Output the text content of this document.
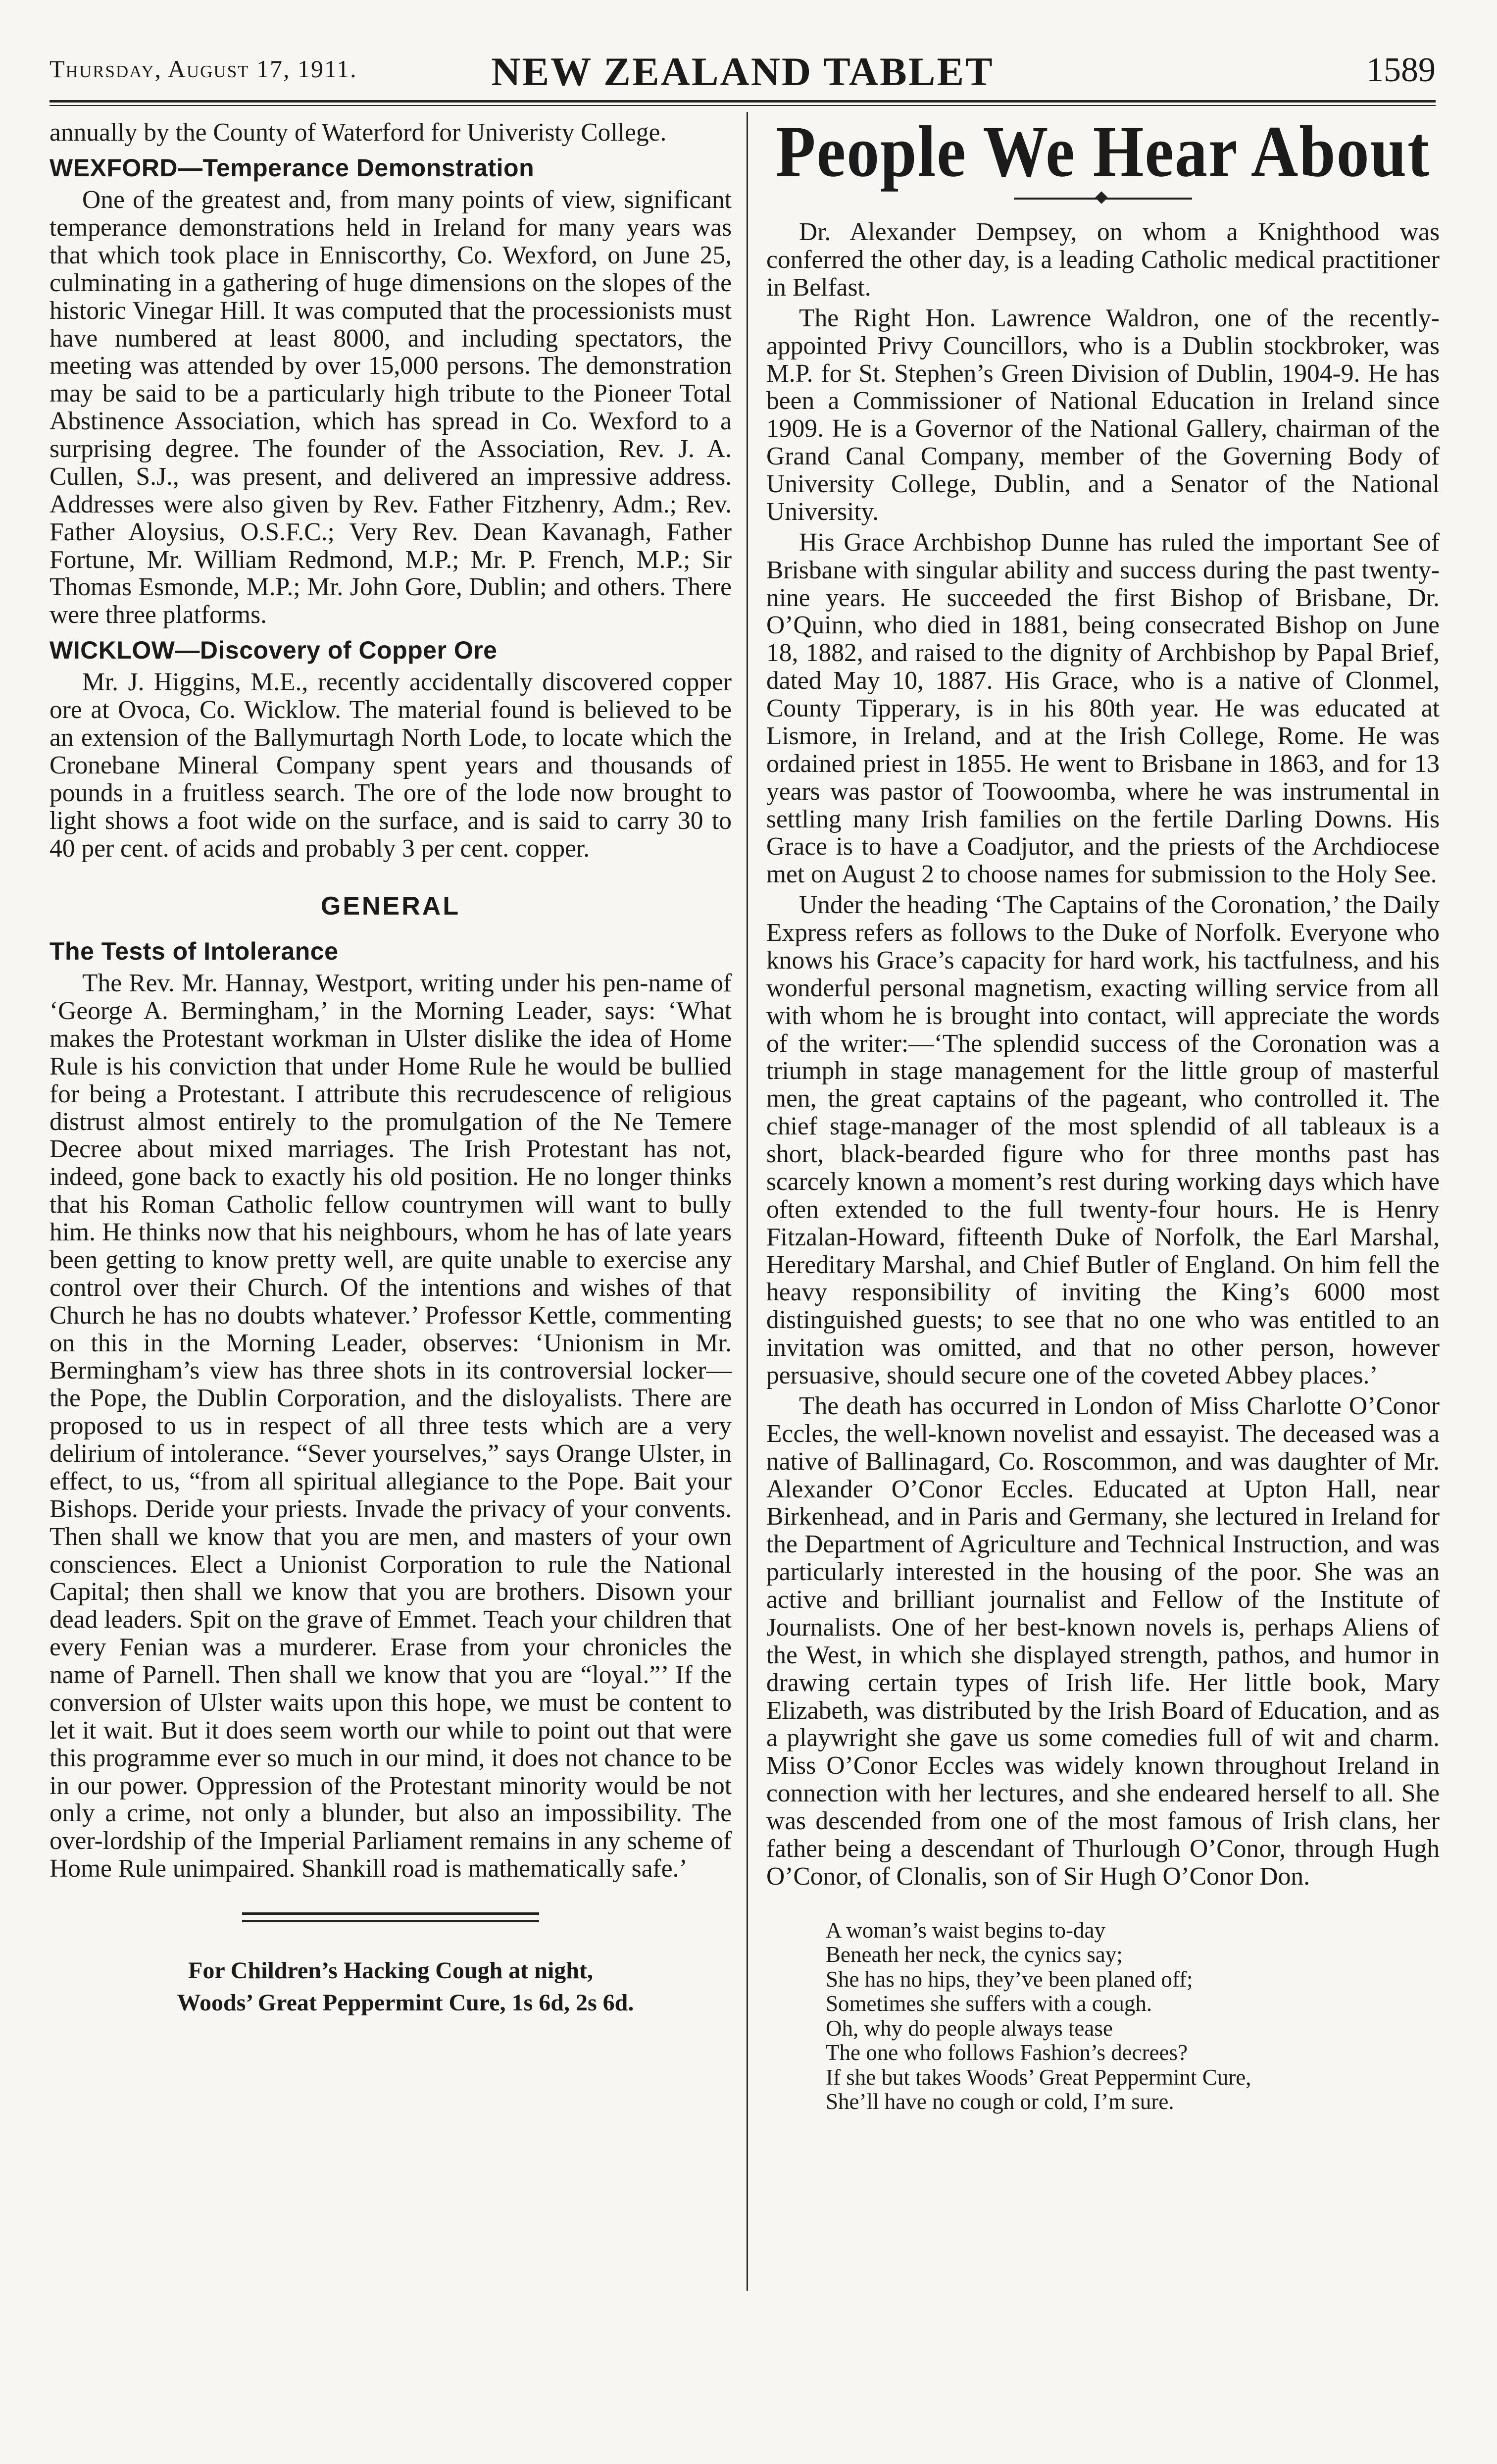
Thursday, August 17, 1911.	NEW ZEALAND TABLET	1589

annually by the County of Waterford for Univeristy College.

WEXFORD—Temperance Demonstration

One of the greatest and, from many points of view, significant temperance demonstrations held in Ireland for many years was that which took place in Enniscorthy, Co. Wexford, on June 25, culminating in a gathering of huge dimensions on the slopes of the historic Vinegar Hill. It was computed that the processionists must have numbered at least 8000, and including spectators, the meeting was attended by over 15,000 persons. The demonstration may be said to be a particularly high tribute to the Pioneer Total Abstinence Association, which has spread in Co. Wexford to a surprising degree. The founder of the Association, Rev. J. A. Cullen, S.J., was present, and delivered an impressive address. Addresses were also given by Rev. Father Fitzhenry, Adm.; Rev. Father Aloysius, O.S.F.C.; Very Rev. Dean Kavanagh, Father Fortune, Mr. William Redmond, M.P.; Mr. P. French, M.P.; Sir Thomas Esmonde, M.P.; Mr. John Gore, Dublin; and others. There were three platforms.

WICKLOW—Discovery of Copper Ore

Mr. J. Higgins, M.E., recently accidentally discovered copper ore at Ovoca, Co. Wicklow. The material found is believed to be an extension of the Ballymurtagh North Lode, to locate which the Cronebane Mineral Company spent years and thousands of pounds in a fruitless search. The ore of the lode now brought to light shows a foot wide on the surface, and is said to carry 30 to 40 per cent. of acids and probably 3 per cent. copper.

GENERAL
The Tests of Intolerance

The Rev. Mr. Hannay, Westport, writing under his pen-name of ‘George A. Bermingham,’ in the Morning Leader, says: ‘What makes the Protestant workman in Ulster dislike the idea of Home Rule is his conviction that under Home Rule he would be bullied for being a Protestant. I attribute this recrudescence of religious distrust almost entirely to the promulgation of the Ne Temere Decree about mixed marriages. The Irish Protestant has not, indeed, gone back to exactly his old position. He no longer thinks that his Roman Catholic fellow countrymen will want to bully him. He thinks now that his neighbours, whom he has of late years been getting to know pretty well, are quite unable to exercise any control over their Church. Of the intentions and wishes of that Church he has no doubts whatever.’ Professor Kettle, commenting on this in the Morning Leader, observes: ‘Unionism in Mr. Bermingham’s view has three shots in its controversial locker—the Pope, the Dublin Corporation, and the disloyalists. There are proposed to us in respect of all three tests which are a very delirium of intolerance. “Sever yourselves,” says Orange Ulster, in effect, to us, “from all spiritual allegiance to the Pope. Bait your Bishops. Deride your priests. Invade the privacy of your convents. Then shall we know that you are men, and masters of your own consciences. Elect a Unionist Corporation to rule the National Capital; then shall we know that you are brothers. Disown your dead leaders. Spit on the grave of Emmet. Teach your children that every Fenian was a murderer. Erase from your chronicles the name of Parnell. Then shall we know that you are “loyal.”’ If the conversion of Ulster waits upon this hope, we must be content to let it wait. But it does seem worth our while to point out that were this programme ever so much in our mind, it does not chance to be in our power. Oppression of the Protestant minority would be not only a crime, not only a blunder, but also an impossibility. The over-lordship of the Imperial Parliament remains in any scheme of Home Rule unimpaired. Shankill road is mathematically safe.’

For Children’s Hacking Cough at night,

Woods’ Great Peppermint Cure, 1s 6d, 2s 6d.
People We Hear About

Dr. Alexander Dempsey, on whom a Knighthood was conferred the other day, is a leading Catholic medical practitioner in Belfast.

The Right Hon. Lawrence Waldron, one of the recently-appointed Privy Councillors, who is a Dublin stockbroker, was M.P. for St. Stephen’s Green Division of Dublin, 1904-9. He has been a Commissioner of National Education in Ireland since 1909. He is a Governor of the National Gallery, chairman of the Grand Canal Company, member of the Governing Body of University College, Dublin, and a Senator of the National University.

His Grace Archbishop Dunne has ruled the important See of Brisbane with singular ability and success during the past twenty-nine years. He succeeded the first Bishop of Brisbane, Dr. O’Quinn, who died in 1881, being consecrated Bishop on June 18, 1882, and raised to the dignity of Archbishop by Papal Brief, dated May 10, 1887. His Grace, who is a native of Clonmel, County Tipperary, is in his 80th year. He was educated at Lismore, in Ireland, and at the Irish College, Rome. He was ordained priest in 1855. He went to Brisbane in 1863, and for 13 years was pastor of Toowoomba, where he was instrumental in settling many Irish families on the fertile Darling Downs. His Grace is to have a Coadjutor, and the priests of the Archdiocese met on August 2 to choose names for submission to the Holy See.

Under the heading ‘The Captains of the Coronation,’ the Daily Express refers as follows to the Duke of Norfolk. Everyone who knows his Grace’s capacity for hard work, his tactfulness, and his wonderful personal magnetism, exacting willing service from all with whom he is brought into contact, will appreciate the words of the writer:—‘The splendid success of the Coronation was a triumph in stage management for the little group of masterful men, the great captains of the pageant, who controlled it. The chief stage-manager of the most splendid of all tableaux is a short, black-bearded figure who for three months past has scarcely known a moment’s rest during working days which have often extended to the full twenty-four hours. He is Henry Fitzalan-Howard, fifteenth Duke of Norfolk, the Earl Marshal, Hereditary Marshal, and Chief Butler of England. On him fell the heavy responsibility of inviting the King’s 6000 most distinguished guests; to see that no one who was entitled to an invitation was omitted, and that no other person, however persuasive, should secure one of the coveted Abbey places.’

The death has occurred in London of Miss Charlotte O’Conor Eccles, the well-known novelist and essayist. The deceased was a native of Ballinagard, Co. Roscommon, and was daughter of Mr. Alexander O’Conor Eccles. Educated at Upton Hall, near Birkenhead, and in Paris and Germany, she lectured in Ireland for the Department of Agriculture and Technical Instruction, and was particularly interested in the housing of the poor. She was an active and brilliant journalist and Fellow of the Institute of Journalists. One of her best-known novels is, perhaps Aliens of the West, in which she displayed strength, pathos, and humor in drawing certain types of Irish life. Her little book, Mary Elizabeth, was distributed by the Irish Board of Education, and as a playwright she gave us some comedies full of wit and charm. Miss O’Conor Eccles was widely known throughout Ireland in connection with her lectures, and she endeared herself to all. She was descended from one of the most famous of Irish clans, her father being a descendant of Thurlough O’Conor, through Hugh O’Conor, of Clonalis, son of Sir Hugh O’Conor Don.

A woman’s waist begins to-day
Beneath her neck, the cynics say;
She has no hips, they’ve been planed off;
Sometimes she suffers with a cough.
Oh, why do people always tease
The one who follows Fashion’s decrees?
If she but takes Woods’ Great Peppermint Cure,
She’ll have no cough or cold, I’m sure.
